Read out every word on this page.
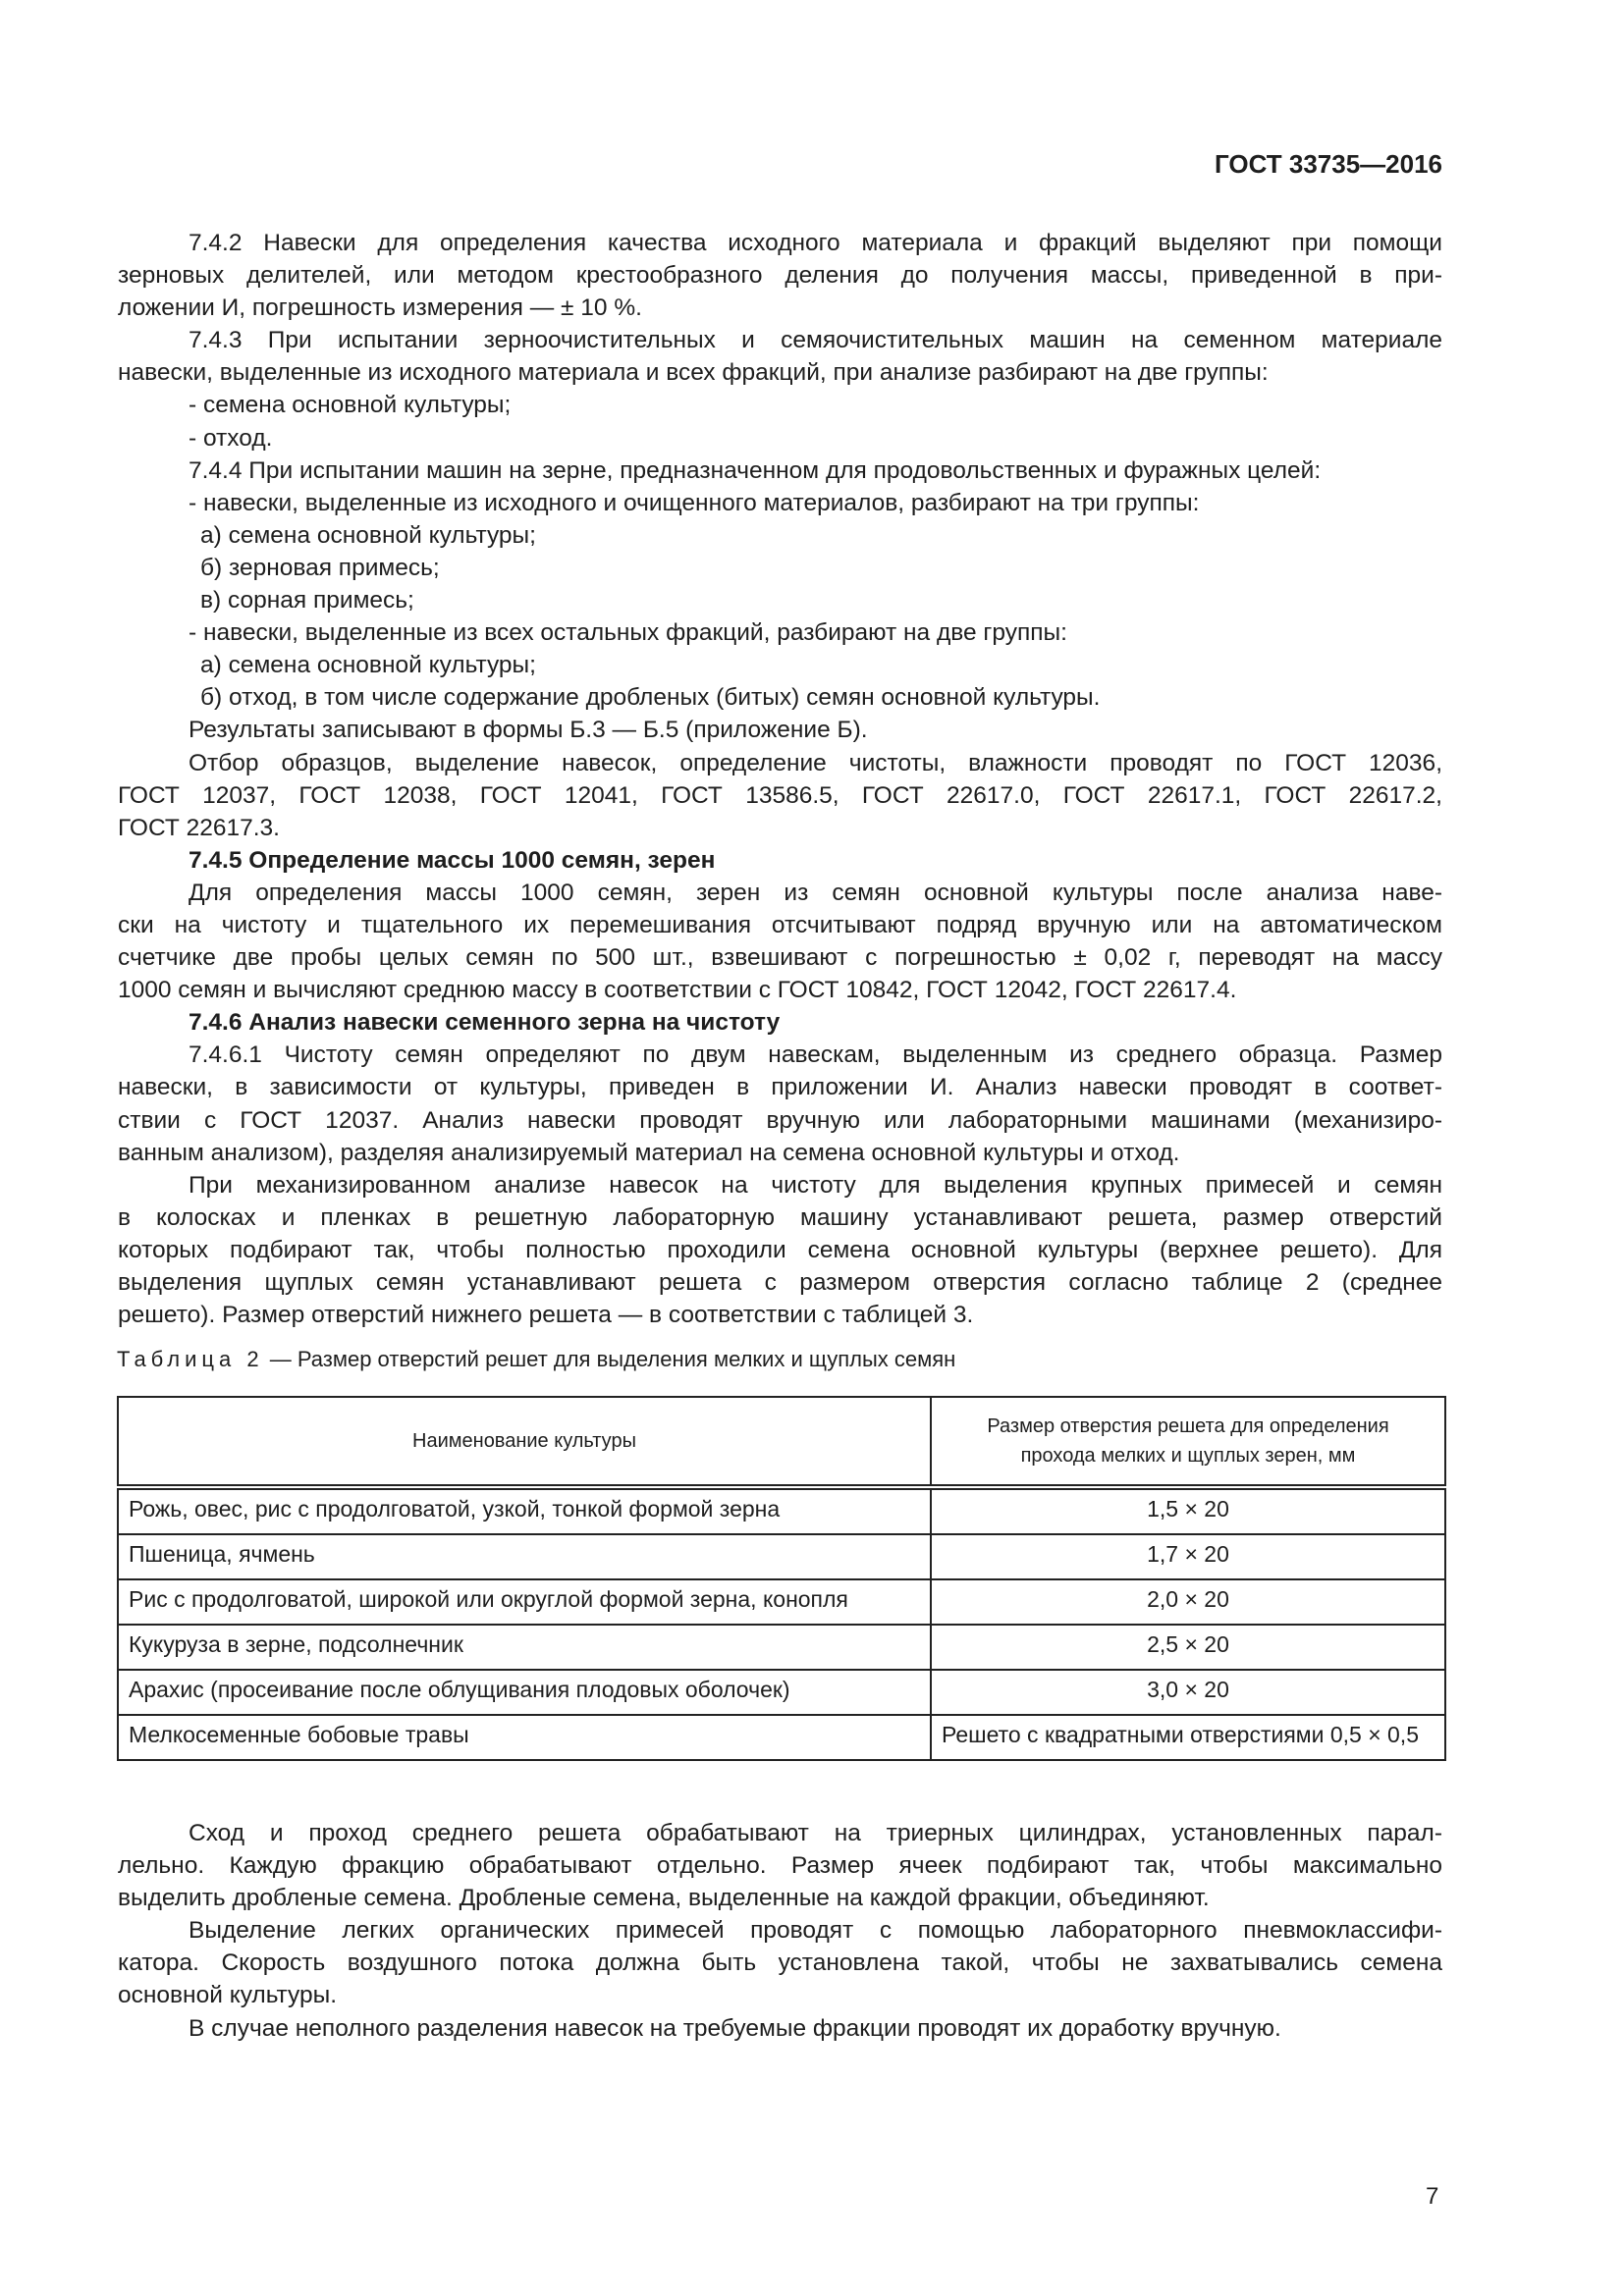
ГОСТ 33735—2016
7.4.2 Навески для определения качества исходного материала и фракций выделяют при помощи
зерновых делителей, или методом крестообразного деления до получения массы, приведенной в при-
ложении И, погрешность измерения — ± 10 %.
7.4.3 При испытании зерноочистительных и семяочистительных машин на семенном материале
навески, выделенные из исходного материала и всех фракций, при анализе разбирают на две группы:
- семена основной культуры;
- отход.
7.4.4 При испытании машин на зерне, предназначенном для продовольственных и фуражных целей:
- навески, выделенные из исходного и очищенного материалов, разбирают на три группы:
а) семена основной культуры;
б) зерновая примесь;
в) сорная примесь;
- навески, выделенные из всех остальных фракций, разбирают на две группы:
а) семена основной культуры;
б) отход, в том числе содержание дробленых (битых) семян основной культуры.
Результаты записывают в формы Б.3 — Б.5 (приложение Б).
Отбор образцов, выделение навесок, определение чистоты, влажности проводят по ГОСТ 12036,
ГОСТ 12037, ГОСТ 12038, ГОСТ 12041, ГОСТ 13586.5, ГОСТ 22617.0, ГОСТ 22617.1, ГОСТ 22617.2,
ГОСТ 22617.3.
7.4.5 Определение массы 1000 семян, зерен
Для определения массы 1000 семян, зерен из семян основной культуры после анализа наве-
ски на чистоту и тщательного их перемешивания отсчитывают подряд вручную или на автоматическом
счетчике две пробы целых семян по 500 шт., взвешивают с погрешностью ± 0,02 г, переводят на массу
1000 семян и вычисляют среднюю массу в соответствии с ГОСТ 10842, ГОСТ 12042, ГОСТ 22617.4.
7.4.6 Анализ навески семенного зерна на чистоту
7.4.6.1 Чистоту семян определяют по двум навескам, выделенным из среднего образца. Размер
навески, в зависимости от культуры, приведен в приложении И. Анализ навески проводят в соответ-
ствии с ГОСТ 12037. Анализ навески проводят вручную или лабораторными машинами (механизиро-
ванным анализом), разделяя анализируемый материал на семена основной культуры и отход.
При механизированном анализе навесок на чистоту для выделения крупных примесей и семян
в колосках и пленках в решетную лабораторную машину устанавливают решета, размер отверстий
которых подбирают так, чтобы полностью проходили семена основной культуры (верхнее решето). Для
выделения щуплых семян устанавливают решета с размером отверстия согласно таблице 2 (среднее
решето). Размер отверстий нижнего решета — в соответствии с таблицей 3.
Таблица 2 — Размер отверстий решет для выделения мелких и щуплых семян
Наименование культуры	Размер отверстия решета для определения прохода мелких и щуплых зерен, мм
Рожь, овес, рис с продолговатой, узкой, тонкой формой зерна	1,5 × 20
Пшеница, ячмень	1,7 × 20
Рис с продолговатой, широкой или округлой формой зерна, конопля	2,0 × 20
Кукуруза в зерне, подсолнечник	2,5 × 20
Арахис (просеивание после облущивания плодовых оболочек)	3,0 × 20
Мелкосеменные бобовые травы	Решето с квадратными отверстиями 0,5 × 0,5
Сход и проход среднего решета обрабатывают на триерных цилиндрах, установленных парал-
лельно. Каждую фракцию обрабатывают отдельно. Размер ячеек подбирают так, чтобы максимально
выделить дробленые семена. Дробленые семена, выделенные на каждой фракции, объединяют.
Выделение легких органических примесей проводят с помощью лабораторного пневмоклассифи-
катора. Скорость воздушного потока должна быть установлена такой, чтобы не захватывались семена
основной культуры.
В случае неполного разделения навесок на требуемые фракции проводят их доработку вручную.
7
